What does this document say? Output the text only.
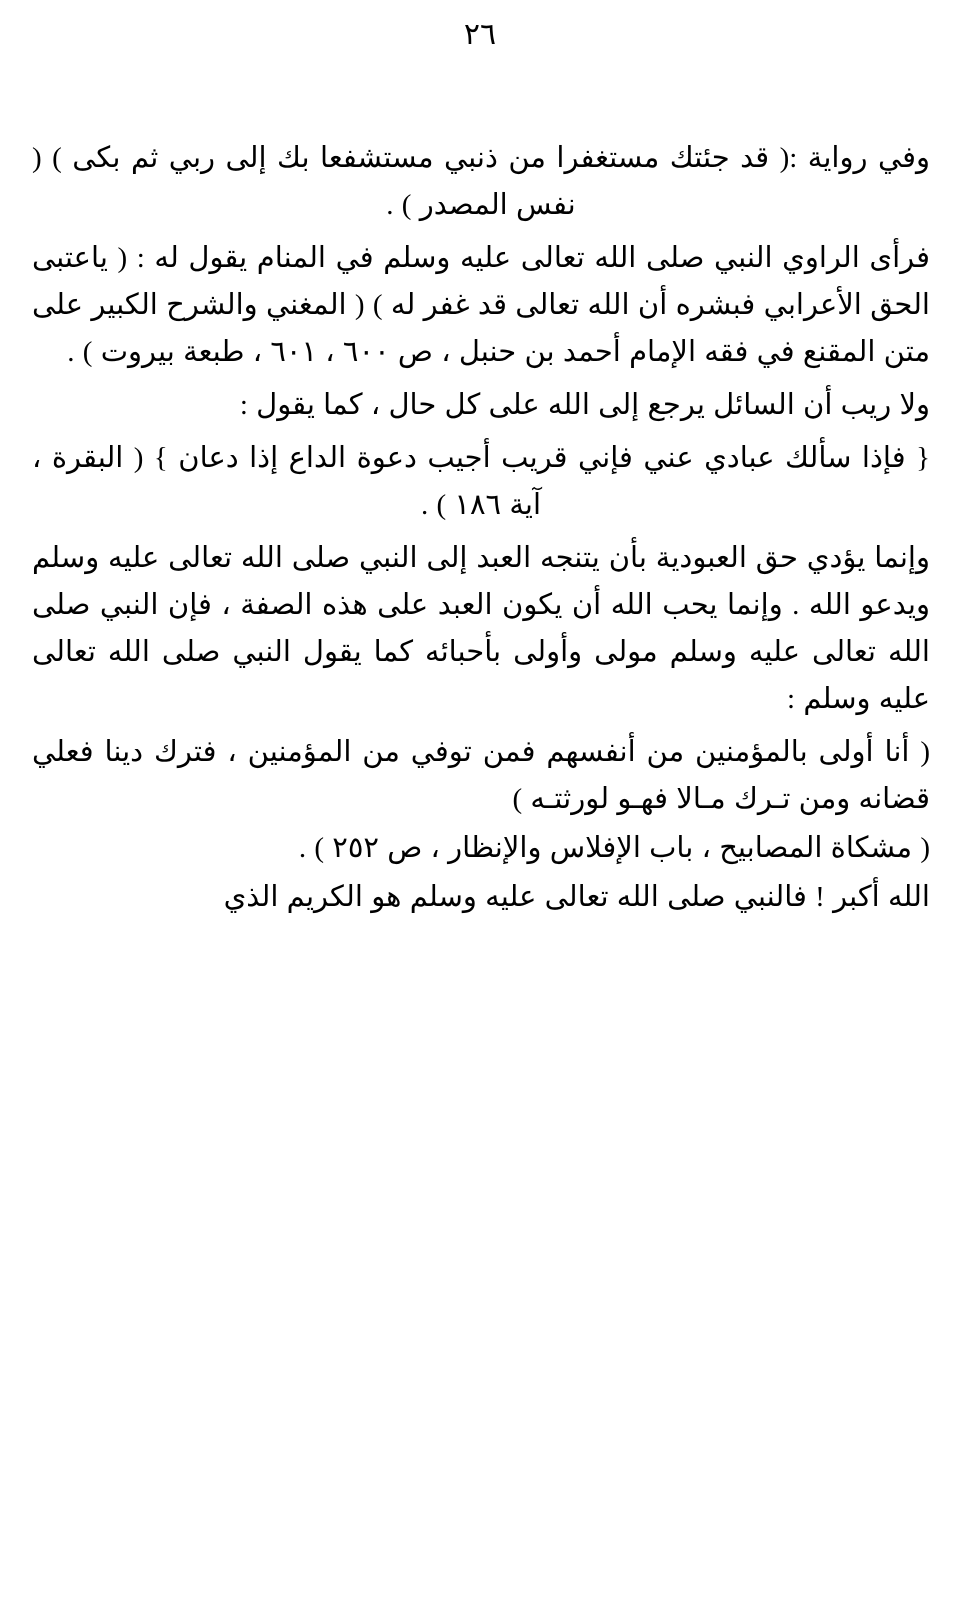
٢٦

وفي رواية :( قد جئتك مستغفرا من ذنبي مستشفعا بك إلى ربي ثم بكى ) ( نفس المصدر ) .

فرأى الراوي النبي صلى الله تعالى عليه وسلم في المنام يقول له : ( ياعتبى الحق الأعرابي فبشره أن الله تعالى قد غفر له ) ( المغني والشرح الكبير على متن المقنع في فقه الإمام أحمد بن حنبل ، ص ٦٠٠ ، ٦٠١ ، طبعة بيروت ) .

ولا ريب أن السائل يرجع إلى الله على كل حال ، كما يقول :

{ فإذا سألك عبادي عني فإني قريب أجيب دعوة الداع إذا دعان } ( البقرة ، آية ١٨٦ ) .

وإنما يؤدي حق العبودية بأن يتنجه العبد إلى النبي صلى الله تعالى عليه وسلم ويدعو الله . وإنما يحب الله أن يكون العبد على هذه الصفة ، فإن النبي صلى الله تعالى عليه وسلم مولى وأولى بأحبائه كما يقول النبي صلى الله تعالى عليه وسلم :

( أنا أولى بالمؤمنين من أنفسهم فمن توفي من المؤمنين ، فترك دينا فعلي قضانه ومن تـرك مـالا فهـو لورثتـه )

( مشكاة المصابيح ، باب الإفلاس والإنظار ، ص ٢٥٢ ) .

الله أكبر ! فالنبي صلى الله تعالى عليه وسلم هو الكريم الذي
